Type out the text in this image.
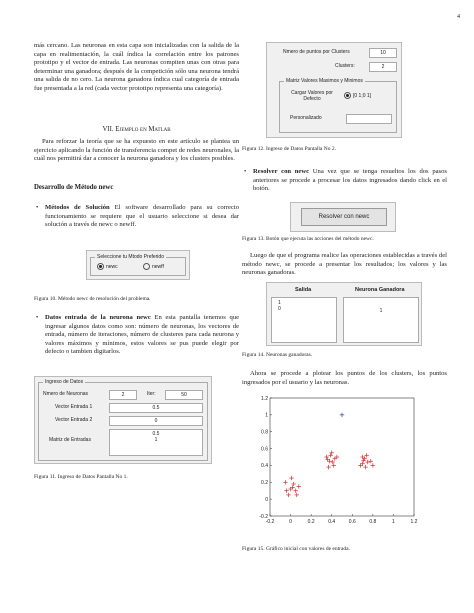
4

más cercano. Las neuronas en esta capa son inicializadas con la salida de la capa en realimentación, la cuál índica la correlación entre los patrones prototipo y el vector de entrada. Las neuronas compiten unas con otras para determinar una ganadora; después de la competición sólo una neurona tendrá una salida de no cero. La neurona ganadora índica cual categoría de entrada fue presentada a la red (cada vector prototipo representa una categoría).

VII. Ejemplo en Matlab

Para reforzar la teoría que se ha expuesto en este artículo se plantea un ejercicio aplicando la función de transferencia compet de redes neuronales, la cuál nos permitirá dar a conocer la neurona ganadora y los clusters posibles.

Desarrollo de Método newc

• Métodos de Solución El software desarrollado para su correcto funcionamiento se requiere que el usuario seleccione si desea dar solución a través de newc o newff.

Seleccione tu Mtodo Preferido
newc	newff
Figura 10. Método newc de resolución del problema.

• Datos entrada de la neurona newc En esta pantalla tenemos que ingresar algunos datos como son: número de neuronas, los vectores de entrada, número de iteraciones, número de clusteres para cada neurona y valores máximos y mínimos, estos valores se pus puede elegir por defecto o tambien digitarlos.

Ingreso de Datos
Nmero de Neuronas	2	Iter:	50
Vector Entrada 1	0.5
Vector Entrada 2	0
Matriz de Entradas
0.5
1
Figura 11. Ingreso de Datos Pantalla No 1.
Nmero de puntos por Clusters	10
Clusters:	2
Matriz Valores Maximos y Minimos
Cargar Valores por Defecto
[0 1;0 1]
Personalizado
Figura 12. Ingreso de Datos Pantalla No 2.

• Resolver con newc Una vez que se tenga resueltos los dos pasos anteriores se procede a procesar los datos ingresados dando click en el botón.

Resolver con newc
Figura 13. Botón que ejecuta las acciones del método newc.

Luego de que el programa realice las operaciones establecidas a través del método newc, se procede a presentar los resultados; los valores y las neuronas ganadoras.

Salida	Neurona Ganadora
1
0	1
Figura 14. Neuronas ganadoras.

Ahora se procede a plotear los puntos de los clusters, los puntos ingresados por el usuario y las neuronas.

-0.2	0	0.2	0.4	0.6	0.8	1	1.2
-0.2
0
0.2
0.4
0.6
0.8
1
1.2
Figura 15. Gráfico inicial con valores de entrada.
